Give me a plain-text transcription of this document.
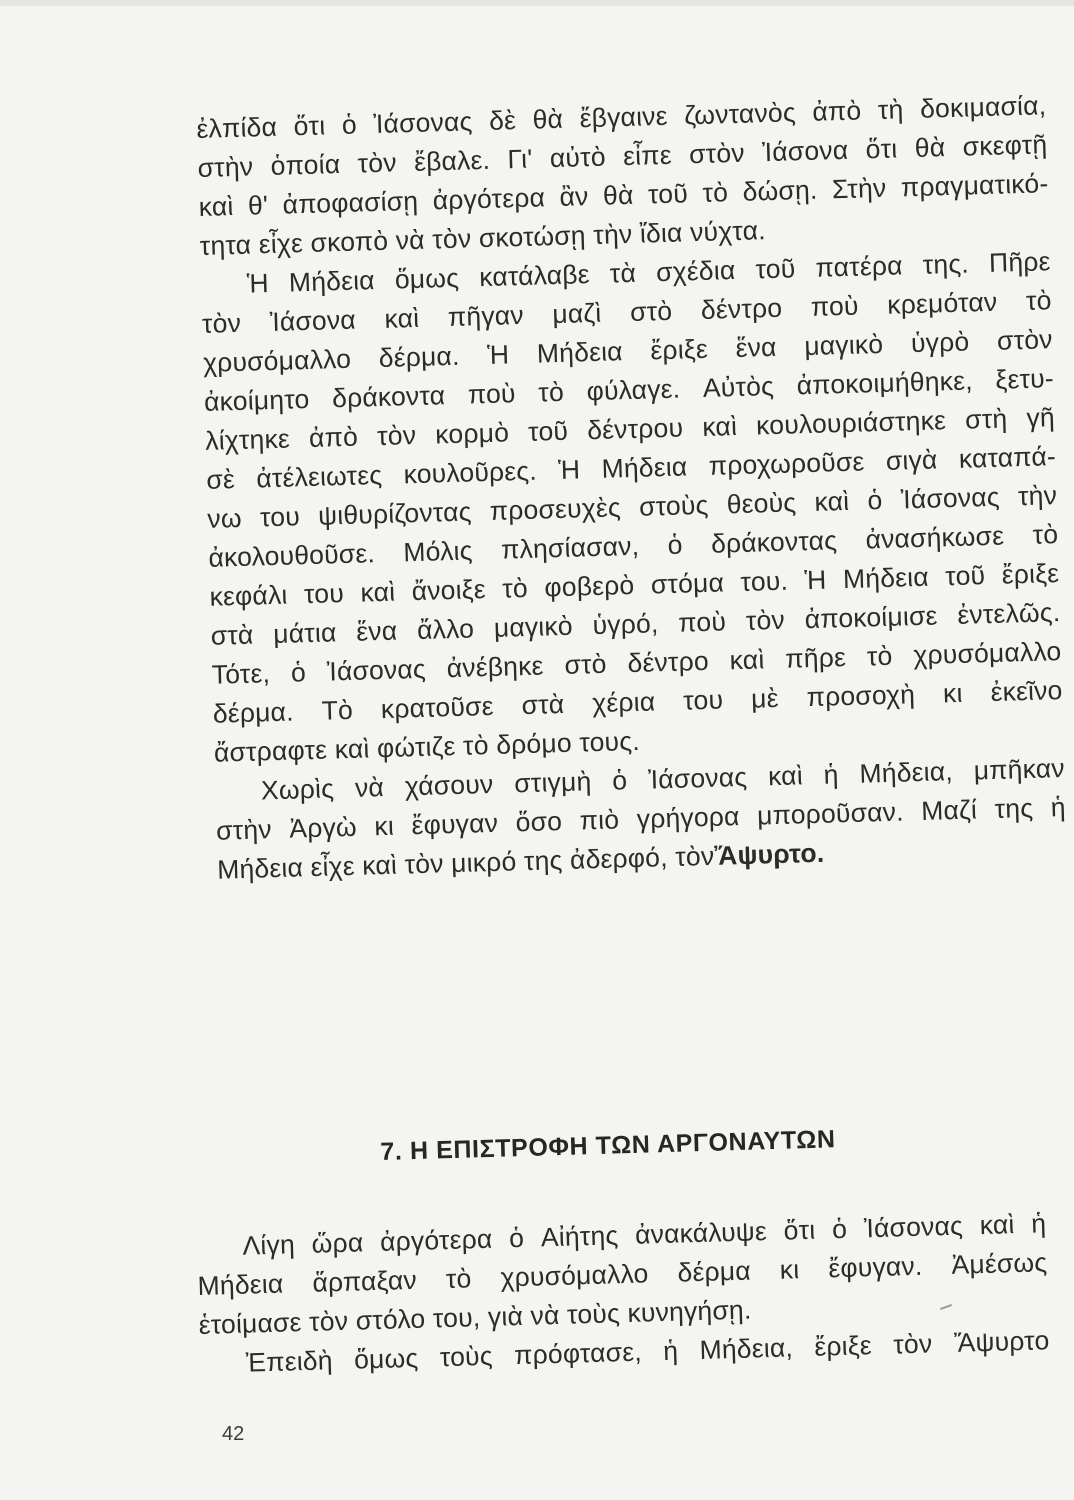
ἐλπίδα ὅτι ὁ Ἰάσονας δὲ θὰ ἔβγαινε ζωντανὸς ἀπὸ τὴ δοκιμασία,
στὴν ὁποία τὸν ἔβαλε. Γι' αὐτὸ εἶπε στὸν Ἰάσονα ὅτι θὰ σκεφτῇ
καὶ θ' ἀποφασίσῃ ἀργότερα ἂν θὰ τοῦ τὸ δώσῃ. Στὴν πραγματικό-
τητα εἶχε σκοπὸ νὰ τὸν σκοτώσῃ τὴν ἴδια νύχτα.
Ἡ Μήδεια ὅμως κατάλαβε τὰ σχέδια τοῦ πατέρα της. Πῆρε
τὸν Ἰάσονα καὶ πῆγαν μαζὶ στὸ δέντρο ποὺ κρεμόταν τὸ
χρυσόμαλλο δέρμα. Ἡ Μήδεια ἔριξε ἕνα μαγικὸ ὑγρὸ στὸν
ἀκοίμητο δράκοντα ποὺ τὸ φύλαγε. Αὐτὸς ἀποκοιμήθηκε, ξετυ-
λίχτηκε ἀπὸ τὸν κορμὸ τοῦ δέντρου καὶ κουλουριάστηκε στὴ γῆ
σὲ ἀτέλειωτες κουλοῦρες. Ἡ Μήδεια προχωροῦσε σιγὰ καταπά-
νω του ψιθυρίζοντας προσευχὲς στοὺς θεοὺς καὶ ὁ Ἰάσονας τὴν
ἀκολουθοῦσε. Μόλις πλησίασαν, ὁ δράκοντας ἀνασήκωσε τὸ
κεφάλι του καὶ ἄνοιξε τὸ φοβερὸ στόμα του. Ἡ Μήδεια τοῦ ἔριξε
στὰ μάτια ἕνα ἄλλο μαγικὸ ὑγρό, ποὺ τὸν ἀποκοίμισε ἐντελῶς.
Τότε, ὁ Ἰάσονας ἀνέβηκε στὸ δέντρο καὶ πῆρε τὸ χρυσόμαλλο
δέρμα. Τὸ κρατοῦσε στὰ χέρια του μὲ προσοχὴ κι ἐκεῖνο
ἄστραφτε καὶ φώτιζε τὸ δρόμο τους.
Χωρὶς νὰ χάσουν στιγμὴ ὁ Ἰάσονας καὶ ἡ Μήδεια, μπῆκαν
στὴν Ἀργὼ κι ἔφυγαν ὅσο πιὸ γρήγορα μποροῦσαν. Μαζί της ἡ
Μήδεια εἶχε καὶ τὸν μικρό της ἀδερφό, τὸν Ἄψυρτο.
7. Η ΕΠΙΣΤΡΟΦΗ ΤΩΝ ΑΡΓΟΝΑΥΤΩΝ
Λίγη ὥρα ἀργότερα ὁ Αἰήτης ἀνακάλυψε ὅτι ὁ Ἰάσονας καὶ ἡ
Μήδεια ἅρπαξαν τὸ χρυσόμαλλο δέρμα κι ἔφυγαν. Ἀμέσως
ἑτοίμασε τὸν στόλο του, γιὰ νὰ τοὺς κυνηγήσῃ.
Ἐπειδὴ ὅμως τοὺς πρόφτασε, ἡ Μήδεια, ἔριξε τὸν Ἄψυρτο
42
